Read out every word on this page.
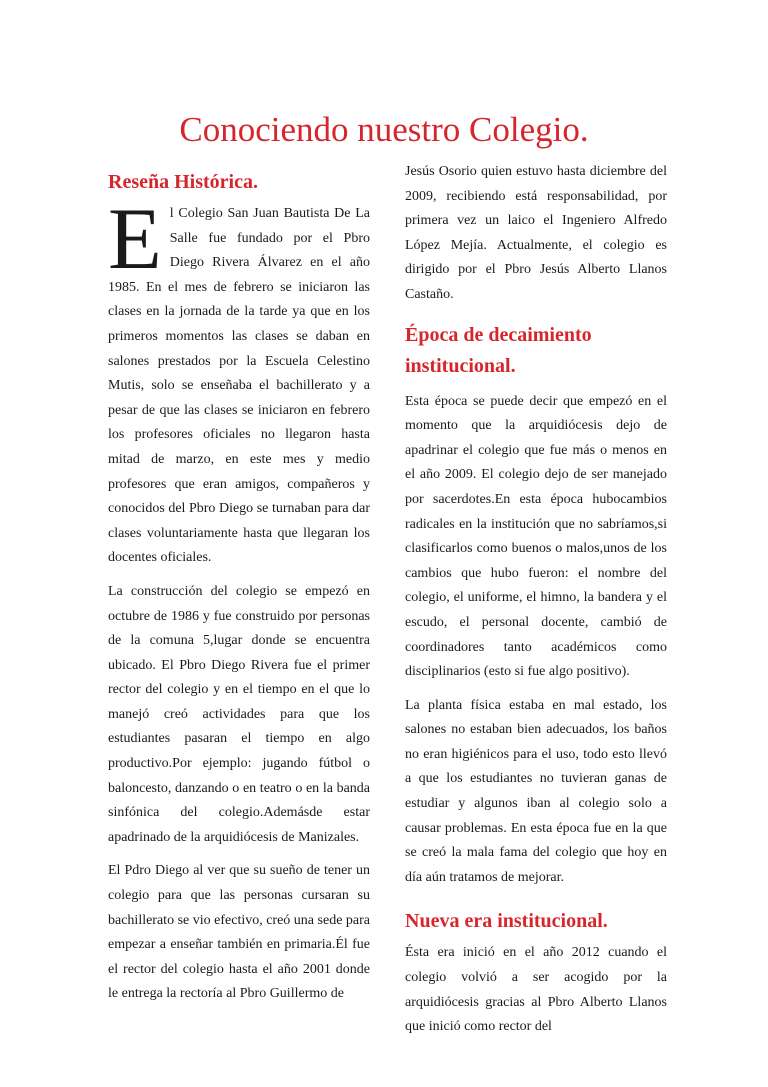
Conociendo nuestro Colegio.
Reseña Histórica.

El Colegio San Juan Bautista De La Salle fue fundado por el Pbro Diego Rivera Álvarez en el año 1985. En el mes de febrero se iniciaron las clases en la jornada de la tarde ya que en los primeros momentos las clases se daban en salones prestados por la Escuela Celestino Mutis, solo se enseñaba el bachillerato y a pesar de que las clases se iniciaron en febrero los profesores oficiales no llegaron hasta mitad de marzo, en este mes y medio profesores que eran amigos, compañeros y conocidos del Pbro Diego se turnaban para dar clases voluntariamente hasta que llegaran los docentes oficiales.

La construcción del colegio se empezó en octubre de 1986 y fue construido por personas de la comuna 5,lugar donde se encuentra ubicado. El Pbro Diego Rivera fue el primer rector del colegio y en el tiempo en el que lo manejó creó actividades para que los estudiantes pasaran el tiempo en algo productivo.Por ejemplo: jugando fútbol o baloncesto, danzando o en teatro o en la banda sinfónica del colegio.Ademásde estar apadrinado de la arquidiócesis de Manizales.

El Pdro Diego al ver que su sueño de tener un colegio para que las personas cursaran su bachillerato se vio efectivo, creó una sede para empezar a enseñar también en primaria.Él fue el rector del colegio hasta el año 2001 donde le entrega la rectoría al Pbro Guillermo de

Jesús Osorio quien estuvo hasta diciembre del 2009, recibiendo está responsabilidad, por primera vez un laico el Ingeniero Alfredo López Mejía. Actualmente, el colegio es dirigido por el Pbro Jesús Alberto Llanos Castaño.

Época de decaimiento institucional.

Esta época se puede decir que empezó en el momento que la arquidiócesis dejo de apadrinar el colegio que fue más o menos en el año 2009. El colegio dejo de ser manejado por sacerdotes.En esta época hubocambios radicales en la institución que no sabríamos,si clasificarlos como buenos o malos,unos de los cambios que hubo fueron: el nombre del colegio, el uniforme, el himno, la bandera y el escudo, el personal docente, cambió de coordinadores tanto académicos como disciplinarios (esto si fue algo positivo).

La planta física estaba en mal estado, los salones no estaban bien adecuados, los baños no eran higiénicos para el uso, todo esto llevó a que los estudiantes no tuvieran ganas de estudiar y algunos iban al colegio solo a causar problemas. En esta época fue en la que se creó la mala fama del colegio que hoy en día aún tratamos de mejorar.

Nueva era institucional.

Ésta era inició en el año 2012 cuando el colegio volvió a ser acogido por la arquidiócesis gracias al Pbro Alberto Llanos que inició como rector del
